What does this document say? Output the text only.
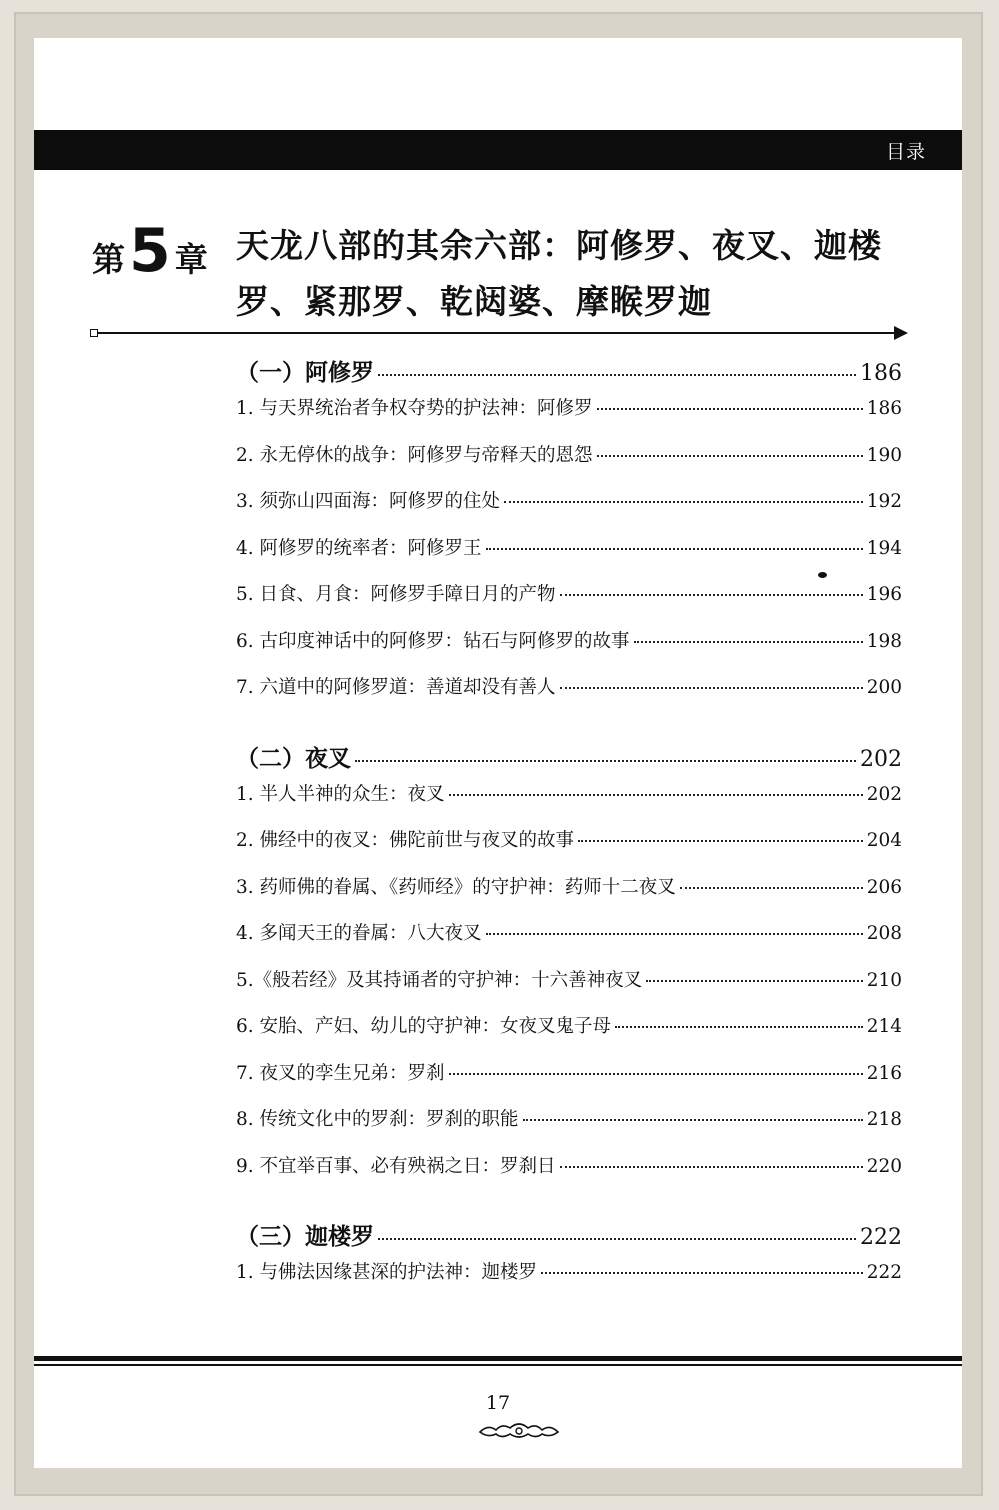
目录
第5 章 天龙八部的其余六部：阿修罗、夜叉、迦楼
罗、紧那罗、乾闼婆、摩睺罗迦
（一）阿修罗	186
1. 与天界统治者争权夺势的护法神：阿修罗	186
2. 永无停休的战争：阿修罗与帝释天的恩怨	190
3. 须弥山四面海：阿修罗的住处	192
4. 阿修罗的统率者：阿修罗王	194
5. 日食、月食：阿修罗手障日月的产物	196
6. 古印度神话中的阿修罗：钻石与阿修罗的故事	198
7. 六道中的阿修罗道：善道却没有善人	200
（二）夜叉	202
1. 半人半神的众生：夜叉	202
2. 佛经中的夜叉：佛陀前世与夜叉的故事	204
3. 药师佛的眷属、《药师经》的守护神：药师十二夜叉	206
4. 多闻天王的眷属：八大夜叉	208
5.《般若经》及其持诵者的守护神：十六善神夜叉	210
6. 安胎、产妇、幼儿的守护神：女夜叉鬼子母	214
7. 夜叉的孪生兄弟：罗刹	216
8. 传统文化中的罗刹：罗刹的职能	218
9. 不宜举百事、必有殃祸之日：罗刹日	220
（三）迦楼罗	222
1. 与佛法因缘甚深的护法神：迦楼罗	222
17
